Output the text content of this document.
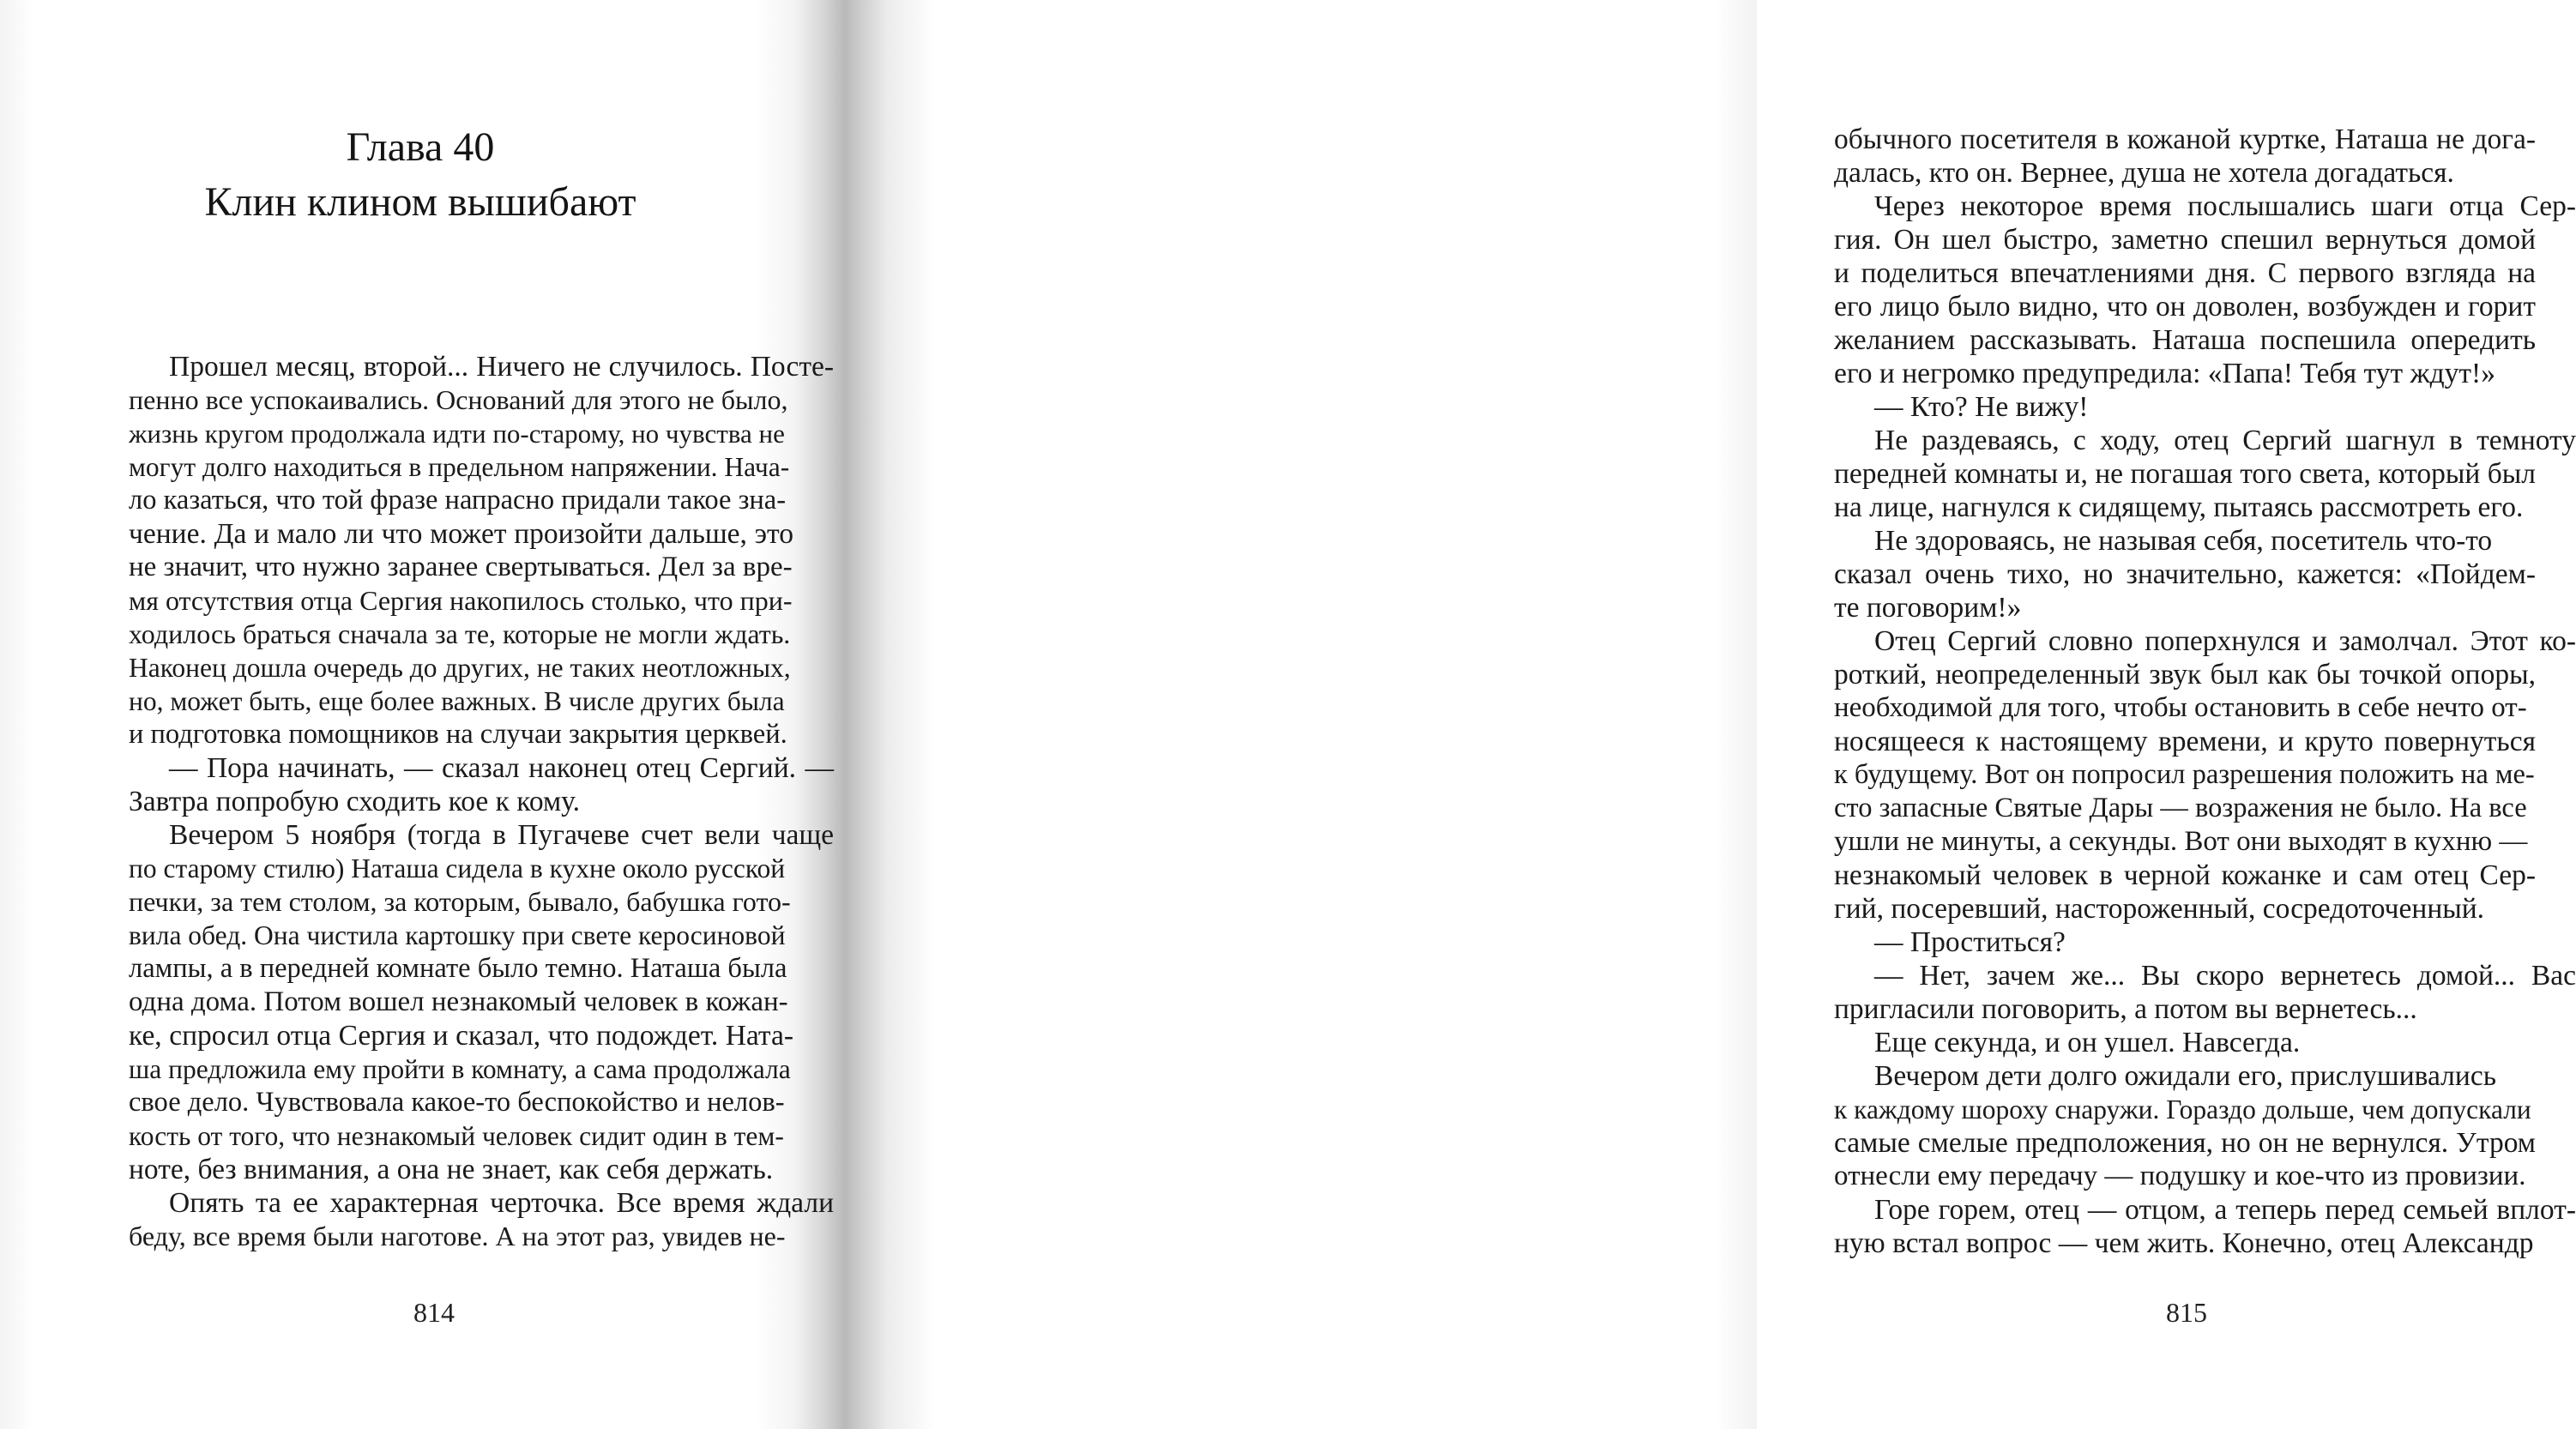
Глава 40
Клин клином вышибают
Прошел месяц, второй... Ничего не случилось. Посте-
пенно все успокаивались. Оснований для этого не было,
жизнь кругом продолжала идти по-старому, но чувства не
могут долго находиться в предельном напряжении. Нача-
ло казаться, что той фразе напрасно придали такое зна-
чение. Да и мало ли что может произойти дальше, это
не значит, что нужно заранее свертываться. Дел за вре-
мя отсутствия отца Сергия накопилось столько, что при-
ходилось браться сначала за те, которые не могли ждать.
Наконец дошла очередь до других, не таких неотложных,
но, может быть, еще более важных. В числе других была
и подготовка помощников на случаи закрытия церквей.
— Пора начинать, — сказал наконец отец Сергий. —
Завтра попробую сходить кое к кому.
Вечером 5 ноября (тогда в Пугачеве счет вели чаще
по старому стилю) Наташа сидела в кухне около русской
печки, за тем столом, за которым, бывало, бабушка гото-
вила обед. Она чистила картошку при свете керосиновой
лампы, а в передней комнате было темно. Наташа была
одна дома. Потом вошел незнакомый человек в кожан-
ке, спросил отца Сергия и сказал, что подождет. Ната-
ша предложила ему пройти в комнату, а сама продолжала
свое дело. Чувствовала какое-то беспокойство и нелов-
кость от того, что незнакомый человек сидит один в тем-
ноте, без внимания, а она не знает, как себя держать.
Опять та ее характерная черточка. Все время ждали
беду, все время были наготове. А на этот раз, увидев не-
814
обычного посетителя в кожаной куртке, Наташа не дога-
далась, кто он. Вернее, душа не хотела догадаться.
Через некоторое время послышались шаги отца Сер-
гия. Он шел быстро, заметно спешил вернуться домой
и поделиться впечатлениями дня. С первого взгляда на
его лицо было видно, что он доволен, возбужден и горит
желанием рассказывать. Наташа поспешила опередить
его и негромко предупредила: «Папа! Тебя тут ждут!»
— Кто? Не вижу!
Не раздеваясь, с ходу, отец Сергий шагнул в темноту
передней комнаты и, не погашая того света, который был
на лице, нагнулся к сидящему, пытаясь рассмотреть его.
Не здороваясь, не называя себя, посетитель что-то
сказал очень тихо, но значительно, кажется: «Пойдем-
те поговорим!»
Отец Сергий словно поперхнулся и замолчал. Этот ко-
роткий, неопределенный звук был как бы точкой опоры,
необходимой для того, чтобы остановить в себе нечто от-
носящееся к настоящему времени, и круто повернуться
к будущему. Вот он попросил разрешения положить на ме-
сто запасные Святые Дары — возражения не было. На все
ушли не минуты, а секунды. Вот они выходят в кухню —
незнакомый человек в черной кожанке и сам отец Сер-
гий, посеревший, настороженный, сосредоточенный.
— Проститься?
— Нет, зачем же... Вы скоро вернетесь домой... Вас
пригласили поговорить, а потом вы вернетесь...
Еще секунда, и он ушел. Навсегда.
Вечером дети долго ожидали его, прислушивались
к каждому шороху снаружи. Гораздо дольше, чем допускали
самые смелые предположения, но он не вернулся. Утром
отнесли ему передачу — подушку и кое-что из провизии.
Горе горем, отец — отцом, а теперь перед семьей вплот-
ную встал вопрос — чем жить. Конечно, отец Александр
815
